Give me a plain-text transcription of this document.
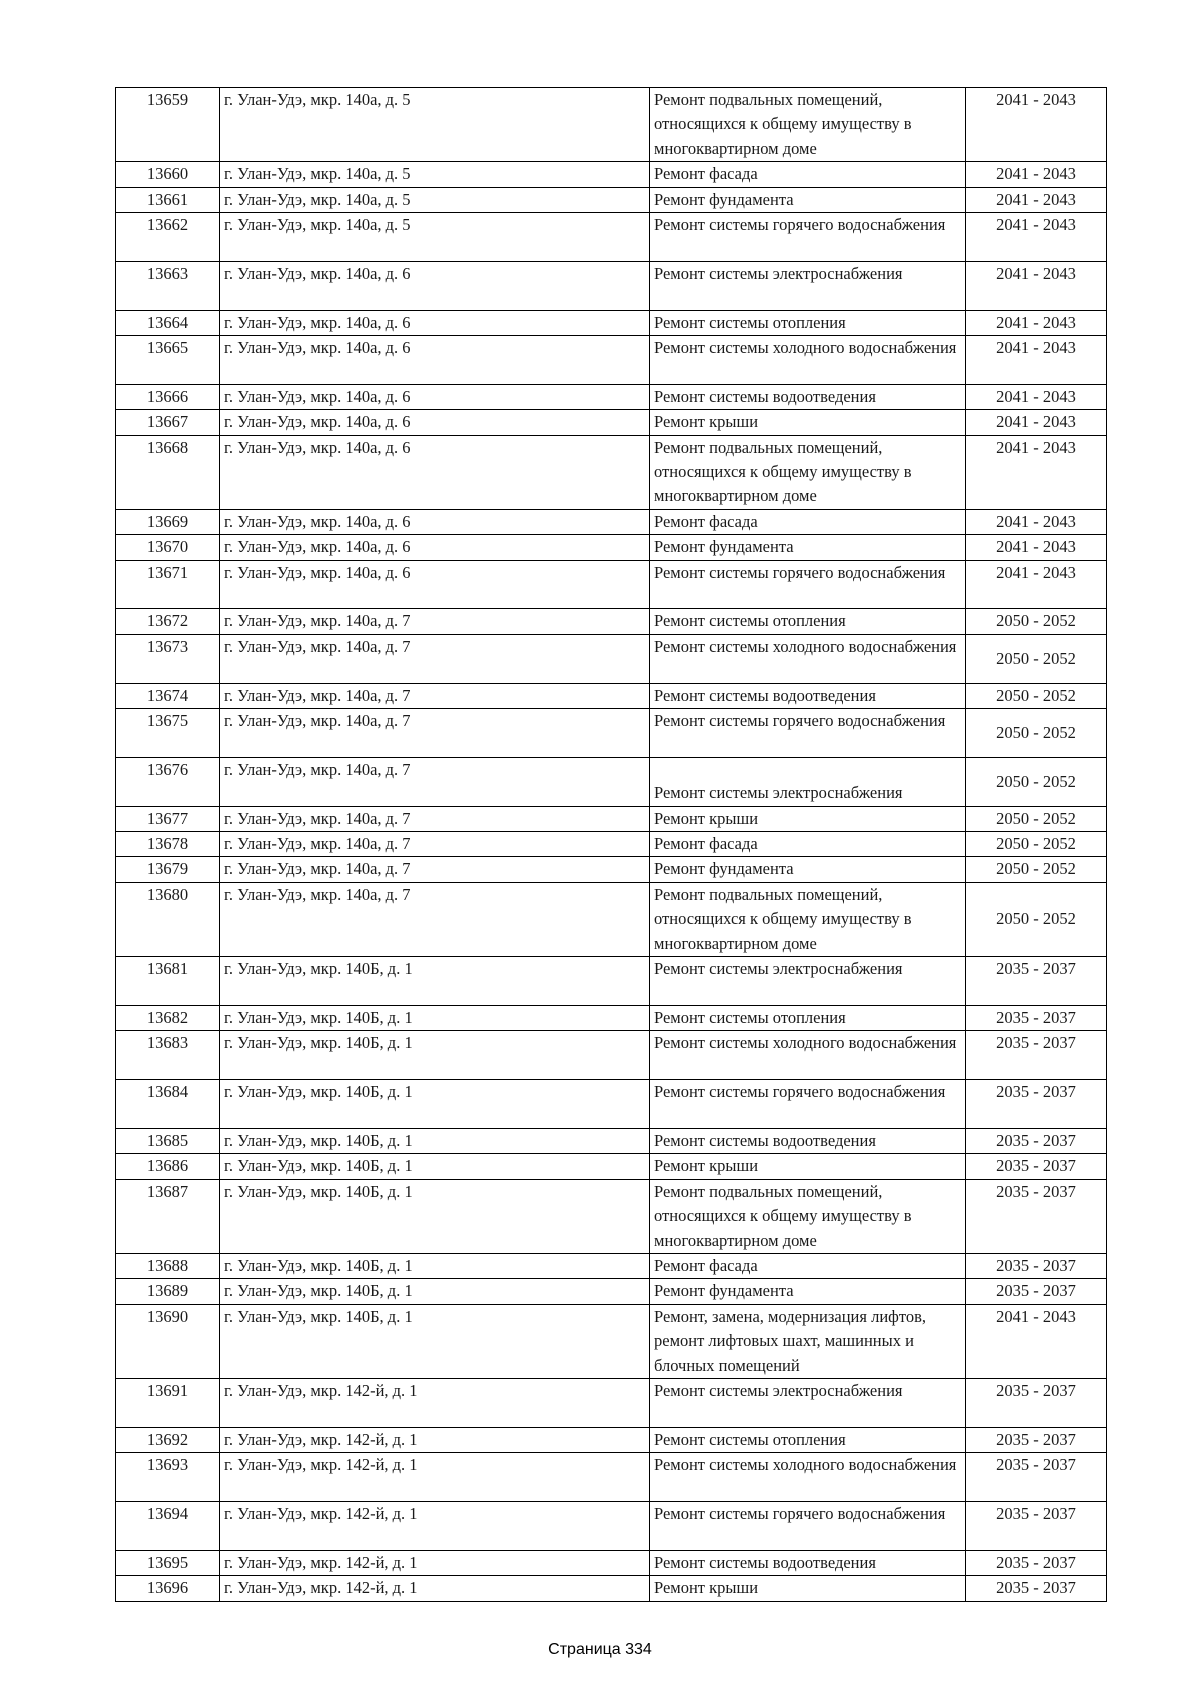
13659	г. Улан-Удэ, мкр. 140а, д. 5	Ремонт подвальных помещений, относящихся к общему имуществу в многоквартирном доме	2041 - 2043
13660	г. Улан-Удэ, мкр. 140а, д. 5	Ремонт фасада	2041 - 2043
13661	г. Улан-Удэ, мкр. 140а, д. 5	Ремонт фундамента	2041 - 2043
13662	г. Улан-Удэ, мкр. 140а, д. 5	Ремонт системы горячего водоснабжения	2041 - 2043
13663	г. Улан-Удэ, мкр. 140а, д. 6	Ремонт системы электроснабжения	2041 - 2043
13664	г. Улан-Удэ, мкр. 140а, д. 6	Ремонт системы отопления	2041 - 2043
13665	г. Улан-Удэ, мкр. 140а, д. 6	Ремонт системы холодного водоснабжения	2041 - 2043
13666	г. Улан-Удэ, мкр. 140а, д. 6	Ремонт системы водоотведения	2041 - 2043
13667	г. Улан-Удэ, мкр. 140а, д. 6	Ремонт крыши	2041 - 2043
13668	г. Улан-Удэ, мкр. 140а, д. 6	Ремонт подвальных помещений, относящихся к общему имуществу в многоквартирном доме	2041 - 2043
13669	г. Улан-Удэ, мкр. 140а, д. 6	Ремонт фасада	2041 - 2043
13670	г. Улан-Удэ, мкр. 140а, д. 6	Ремонт фундамента	2041 - 2043
13671	г. Улан-Удэ, мкр. 140а, д. 6	Ремонт системы горячего водоснабжения	2041 - 2043
13672	г. Улан-Удэ, мкр. 140а, д. 7	Ремонт системы отопления	2050 - 2052
13673	г. Улан-Удэ, мкр. 140а, д. 7	Ремонт системы холодного водоснабжения	2050 - 2052
13674	г. Улан-Удэ, мкр. 140а, д. 7	Ремонт системы водоотведения	2050 - 2052
13675	г. Улан-Удэ, мкр. 140а, д. 7	Ремонт системы горячего водоснабжения	2050 - 2052
13676	г. Улан-Удэ, мкр. 140а, д. 7	Ремонт системы электроснабжения	2050 - 2052
13677	г. Улан-Удэ, мкр. 140а, д. 7	Ремонт крыши	2050 - 2052
13678	г. Улан-Удэ, мкр. 140а, д. 7	Ремонт фасада	2050 - 2052
13679	г. Улан-Удэ, мкр. 140а, д. 7	Ремонт фундамента	2050 - 2052
13680	г. Улан-Удэ, мкр. 140а, д. 7	Ремонт подвальных помещений, относящихся к общему имуществу в многоквартирном доме	2050 - 2052
13681	г. Улан-Удэ, мкр. 140Б, д. 1	Ремонт системы электроснабжения	2035 - 2037
13682	г. Улан-Удэ, мкр. 140Б, д. 1	Ремонт системы отопления	2035 - 2037
13683	г. Улан-Удэ, мкр. 140Б, д. 1	Ремонт системы холодного водоснабжения	2035 - 2037
13684	г. Улан-Удэ, мкр. 140Б, д. 1	Ремонт системы горячего водоснабжения	2035 - 2037
13685	г. Улан-Удэ, мкр. 140Б, д. 1	Ремонт системы водоотведения	2035 - 2037
13686	г. Улан-Удэ, мкр. 140Б, д. 1	Ремонт крыши	2035 - 2037
13687	г. Улан-Удэ, мкр. 140Б, д. 1	Ремонт подвальных помещений, относящихся к общему имуществу в многоквартирном доме	2035 - 2037
13688	г. Улан-Удэ, мкр. 140Б, д. 1	Ремонт фасада	2035 - 2037
13689	г. Улан-Удэ, мкр. 140Б, д. 1	Ремонт фундамента	2035 - 2037
13690	г. Улан-Удэ, мкр. 140Б, д. 1	Ремонт, замена, модернизация лифтов, ремонт лифтовых шахт, машинных и блочных помещений	2041 - 2043
13691	г. Улан-Удэ, мкр. 142-й, д. 1	Ремонт системы электроснабжения	2035 - 2037
13692	г. Улан-Удэ, мкр. 142-й, д. 1	Ремонт системы отопления	2035 - 2037
13693	г. Улан-Удэ, мкр. 142-й, д. 1	Ремонт системы холодного водоснабжения	2035 - 2037
13694	г. Улан-Удэ, мкр. 142-й, д. 1	Ремонт системы горячего водоснабжения	2035 - 2037
13695	г. Улан-Удэ, мкр. 142-й, д. 1	Ремонт системы водоотведения	2035 - 2037
13696	г. Улан-Удэ, мкр. 142-й, д. 1	Ремонт крыши	2035 - 2037
Страница 334
